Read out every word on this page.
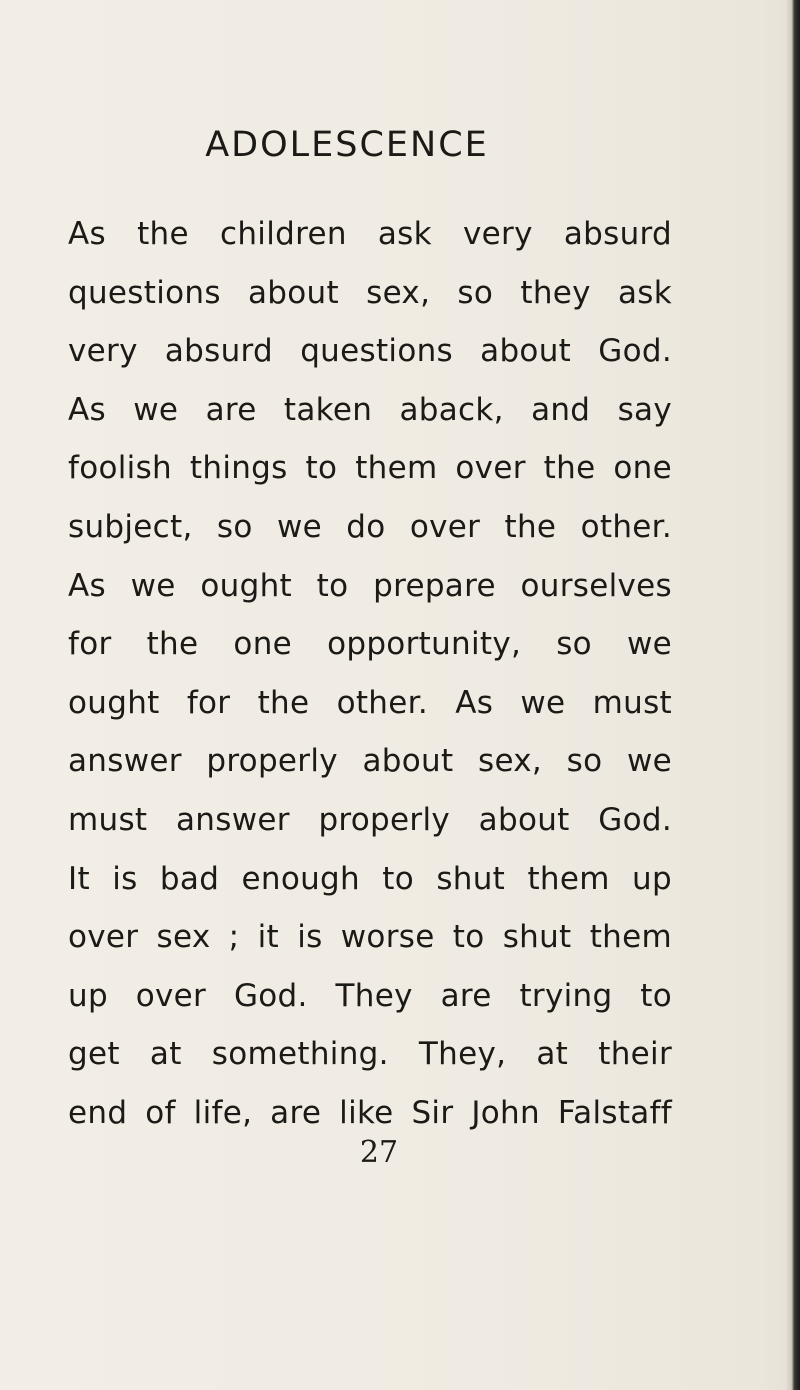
ADOLESCENCE
As the children ask very absurd
questions about sex, so they ask
very absurd questions about God.
As we are taken aback, and say
foolish things to them over the one
subject, so we do over the other.
As we ought to prepare ourselves
for the one opportunity, so we
ought for the other. As we must
answer properly about sex, so we
must answer properly about God.
It is bad enough to shut them up
over sex ; it is worse to shut them
up over God. They are trying to
get at something. They, at their
end of life, are like Sir John Falstaff
27
